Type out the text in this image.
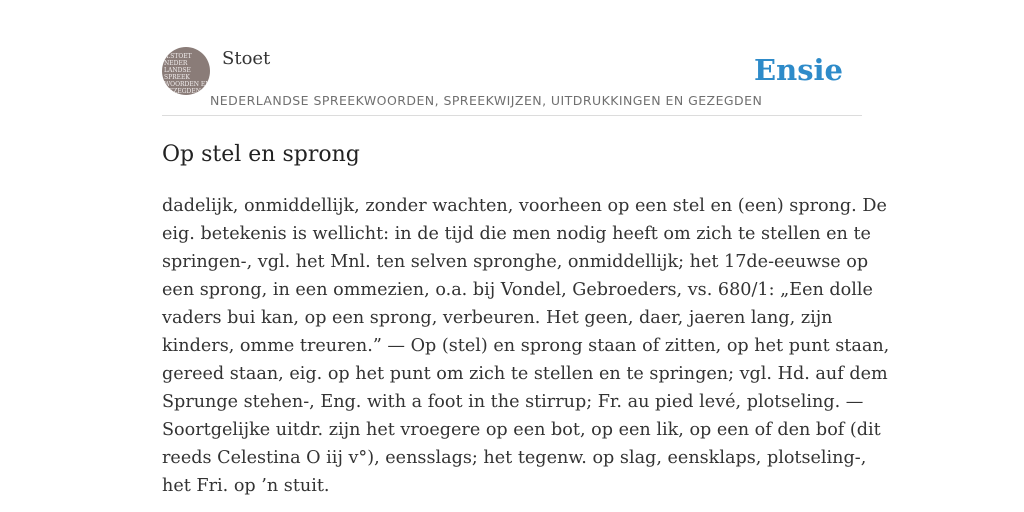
A.STOET
NEDER
LANDSE
SPREEK
WOORDEN EN
GEZEGDEN
Stoet
NEDERLANDSE SPREEKWOORDEN, SPREEKWIJZEN, UITDRUKKINGEN EN GEZEGDEN
Ensie
Op stel en sprong
dadelijk, onmiddellijk, zonder wachten, voorheen op een stel en (een) sprong. De
eig. betekenis is wellicht: in de tijd die men nodig heeft om zich te stellen en te
springen-, vgl. het Mnl. ten selven spronghe, onmiddellijk; het 17de-eeuwse op
een sprong, in een ommezien, o.a. bij Vondel, Gebroeders, vs. 680/1: „Een dolle
vaders bui kan, op een sprong, verbeuren. Het geen, daer, jaeren lang, zijn
kinders, omme treuren.” — Op (stel) en sprong staan of zitten, op het punt staan,
gereed staan, eig. op het punt om zich te stellen en te springen; vgl. Hd. auf dem
Sprunge stehen-, Eng. with a foot in the stirrup; Fr. au pied levé, plotseling. —
Soortgelijke uitdr. zijn het vroegere op een bot, op een lik, op een of den bof (dit
reeds Celestina O iij v°), eensslags; het tegenw. op slag, eensklaps, plotseling-,
het Fri. op ’n stuit.
